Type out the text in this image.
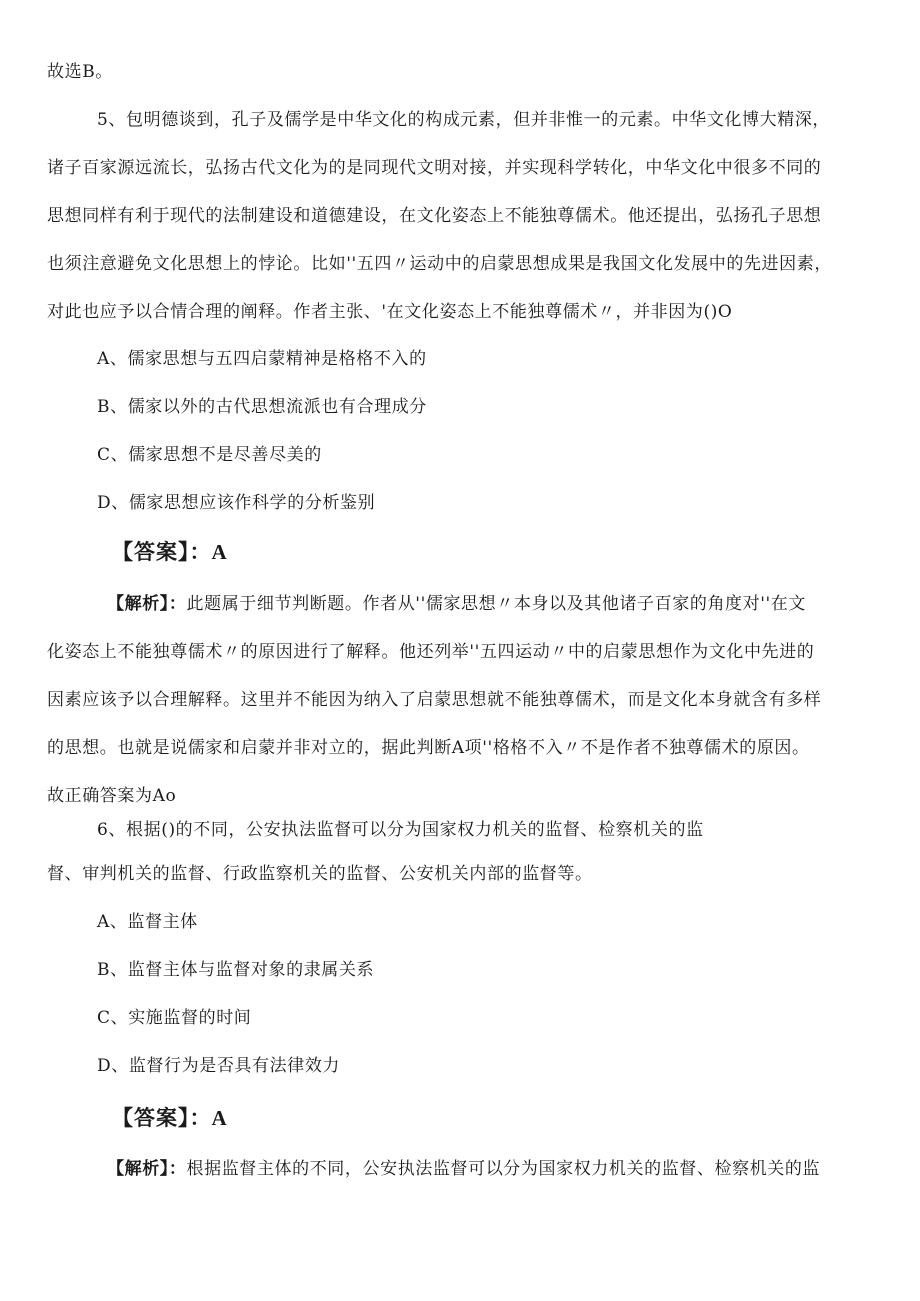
故选B。
5、包明德谈到，孔子及儒学是中华文化的构成元素，但并非惟一的元素。中华文化博大精深，
诸子百家源远流长，弘扬古代文化为的是同现代文明对接，并实现科学转化，中华文化中很多不同的
思想同样有利于现代的法制建设和道德建设，在文化姿态上不能独尊儒术。他还提出，弘扬孔子思想
也须注意避免文化思想上的悖论。比如''五四〃运动中的启蒙思想成果是我国文化发展中的先进因素，
对此也应予以合情合理的阐释。作者主张、'在文化姿态上不能独尊儒术〃，并非因为()O
A、儒家思想与五四启蒙精神是格格不入的
B、儒家以外的古代思想流派也有合理成分
C、儒家思想不是尽善尽美的
D、儒家思想应该作科学的分析鉴别
【答案】：A
【解析】：此题属于细节判断题。作者从''儒家思想〃本身以及其他诸子百家的角度对''在文
化姿态上不能独尊儒术〃的原因进行了解释。他还列举''五四运动〃中的启蒙思想作为文化中先进的
因素应该予以合理解释。这里并不能因为纳入了启蒙思想就不能独尊儒术，而是文化本身就含有多样
的思想。也就是说儒家和启蒙并非对立的，据此判断A项''格格不入〃不是作者不独尊儒术的原因。
故正确答案为Ao
6、根据()的不同，公安执法监督可以分为国家权力机关的监督、检察机关的监
督、审判机关的监督、行政监察机关的监督、公安机关内部的监督等。
A、监督主体
B、监督主体与监督对象的隶属关系
C、实施监督的时间
D、监督行为是否具有法律效力
【答案】：A
【解析】：根据监督主体的不同，公安执法监督可以分为国家权力机关的监督、检察机关的监
